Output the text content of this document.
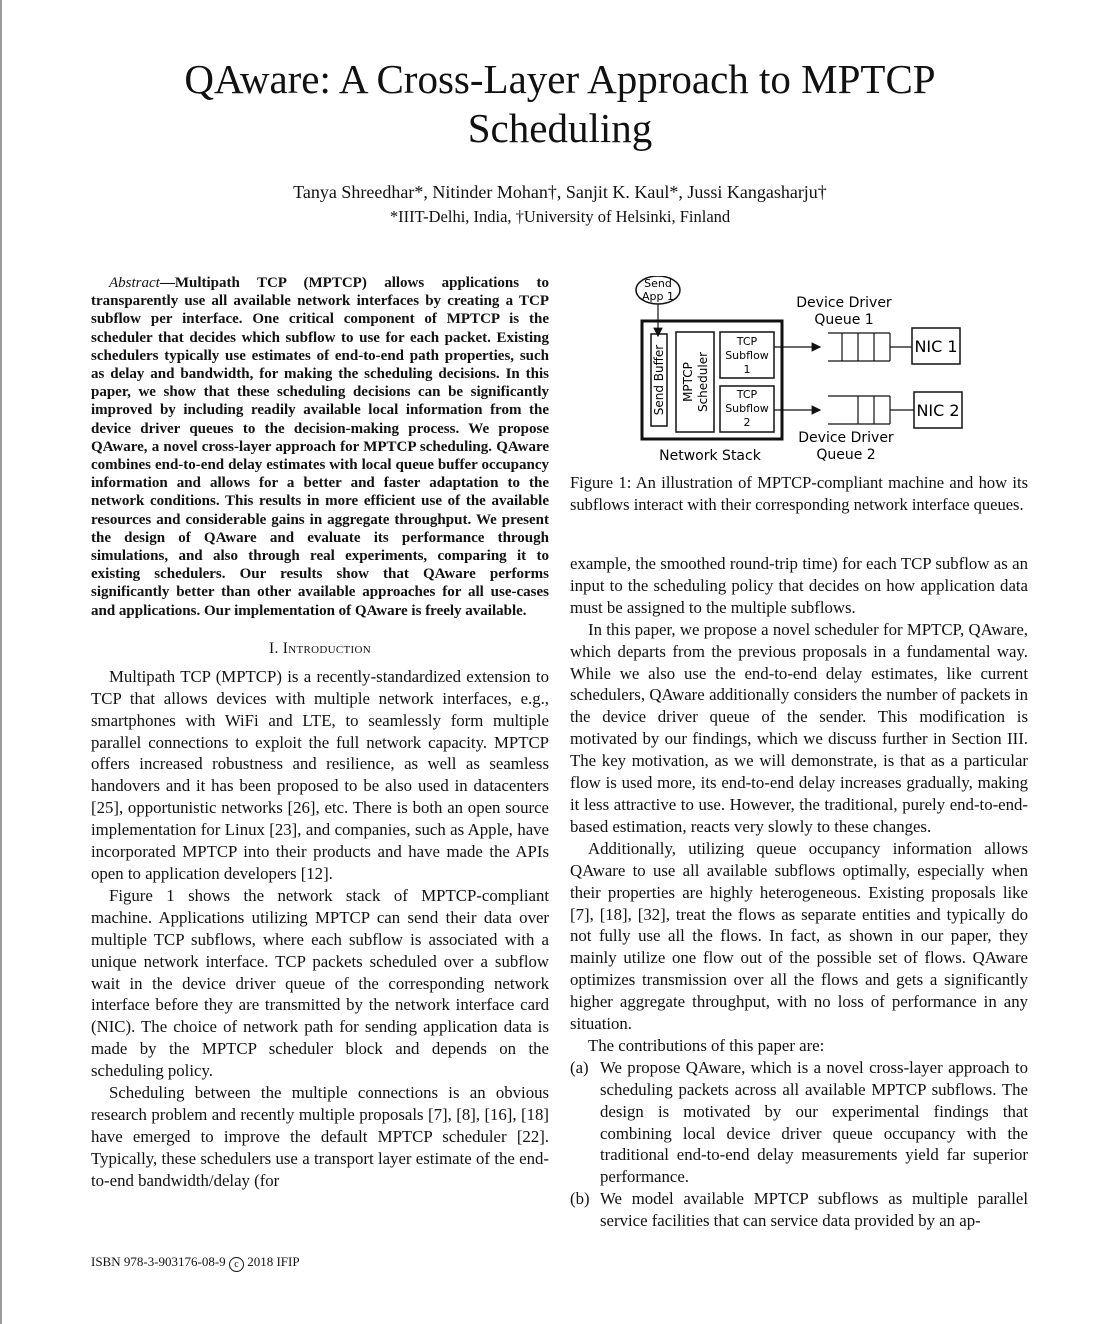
QAware: A Cross-Layer Approach to MPTCP
Scheduling
Tanya Shreedhar*, Nitinder Mohan†, Sanjit K. Kaul*, Jussi Kangasharju†
*IIIT-Delhi, India, †University of Helsinki, Finland

Abstract—Multipath TCP (MPTCP) allows applications to transparently use all available network interfaces by creating a TCP subflow per interface. One critical component of MPTCP is the scheduler that decides which subflow to use for each packet. Existing schedulers typically use estimates of end-to-end path properties, such as delay and bandwidth, for making the scheduling decisions. In this paper, we show that these scheduling decisions can be significantly improved by including readily available local information from the device driver queues to the decision-making process. We propose QAware, a novel cross-layer approach for MPTCP scheduling. QAware combines end-to-end delay estimates with local queue buffer occupancy information and allows for a better and faster adaptation to the network conditions. This results in more efficient use of the available resources and considerable gains in aggregate throughput. We present the design of QAware and evaluate its performance through simulations, and also through real experiments, comparing it to existing schedulers. Our results show that QAware performs significantly better than other available approaches for all use-cases and applications. Our implementation of QAware is freely available.

I. Introduction

Multipath TCP (MPTCP) is a recently-standardized extension to TCP that allows devices with multiple network interfaces, e.g., smartphones with WiFi and LTE, to seamlessly form multiple parallel connections to exploit the full network capacity. MPTCP offers increased robustness and resilience, as well as seamless handovers and it has been proposed to be also used in datacenters [25], opportunistic networks [26], etc. There is both an open source implementation for Linux [23], and companies, such as Apple, have incorporated MPTCP into their products and have made the APIs open to application developers [12].

Figure 1 shows the network stack of MPTCP-compliant machine. Applications utilizing MPTCP can send their data over multiple TCP subflows, where each subflow is associated with a unique network interface. TCP packets scheduled over a subflow wait in the device driver queue of the corresponding network interface before they are transmitted by the network interface card (NIC). The choice of network path for sending application data is made by the MPTCP scheduler block and depends on the scheduling policy.

Scheduling between the multiple connections is an obvious research problem and recently multiple proposals [7], [8], [16], [18] have emerged to improve the default MPTCP scheduler [22]. Typically, these schedulers use a transport layer estimate of the end-to-end bandwidth/delay (for

Send
App 1
Network Stack
Send Buffer MPTCP Scheduler
TCP
Subflow
1
TCP
Subflow
2
Device Driver
Queue 1
Device Driver
Queue 2
NIC 1
NIC 2

Figure 1: An illustration of MPTCP-compliant machine and how its subflows interact with their corresponding network interface queues.

example, the smoothed round-trip time) for each TCP subflow as an input to the scheduling policy that decides on how application data must be assigned to the multiple subflows.

In this paper, we propose a novel scheduler for MPTCP, QAware, which departs from the previous proposals in a fundamental way. While we also use the end-to-end delay estimates, like current schedulers, QAware additionally considers the number of packets in the device driver queue of the sender. This modification is motivated by our findings, which we discuss further in Section III. The key motivation, as we will demonstrate, is that as a particular flow is used more, its end-to-end delay increases gradually, making it less attractive to use. However, the traditional, purely end-to-end-based estimation, reacts very slowly to these changes.

Additionally, utilizing queue occupancy information allows QAware to use all available subflows optimally, especially when their properties are highly heterogeneous. Existing proposals like [7], [18], [32], treat the flows as separate entities and typically do not fully use all the flows. In fact, as shown in our paper, they mainly utilize one flow out of the possible set of flows. QAware optimizes transmission over all the flows and gets a significantly higher aggregate throughput, with no loss of performance in any situation.

The contributions of this paper are:

(a) We propose QAware, which is a novel cross-layer approach to scheduling packets across all available MPTCP subflows. The design is motivated by our experimental findings that combining local device driver queue occupancy with the traditional end-to-end delay measurements yield far superior performance.
(b) We model available MPTCP subflows as multiple parallel service facilities that can service data provided by an ap-
ISBN 978-3-903176-08-9 c 2018 IFIP
